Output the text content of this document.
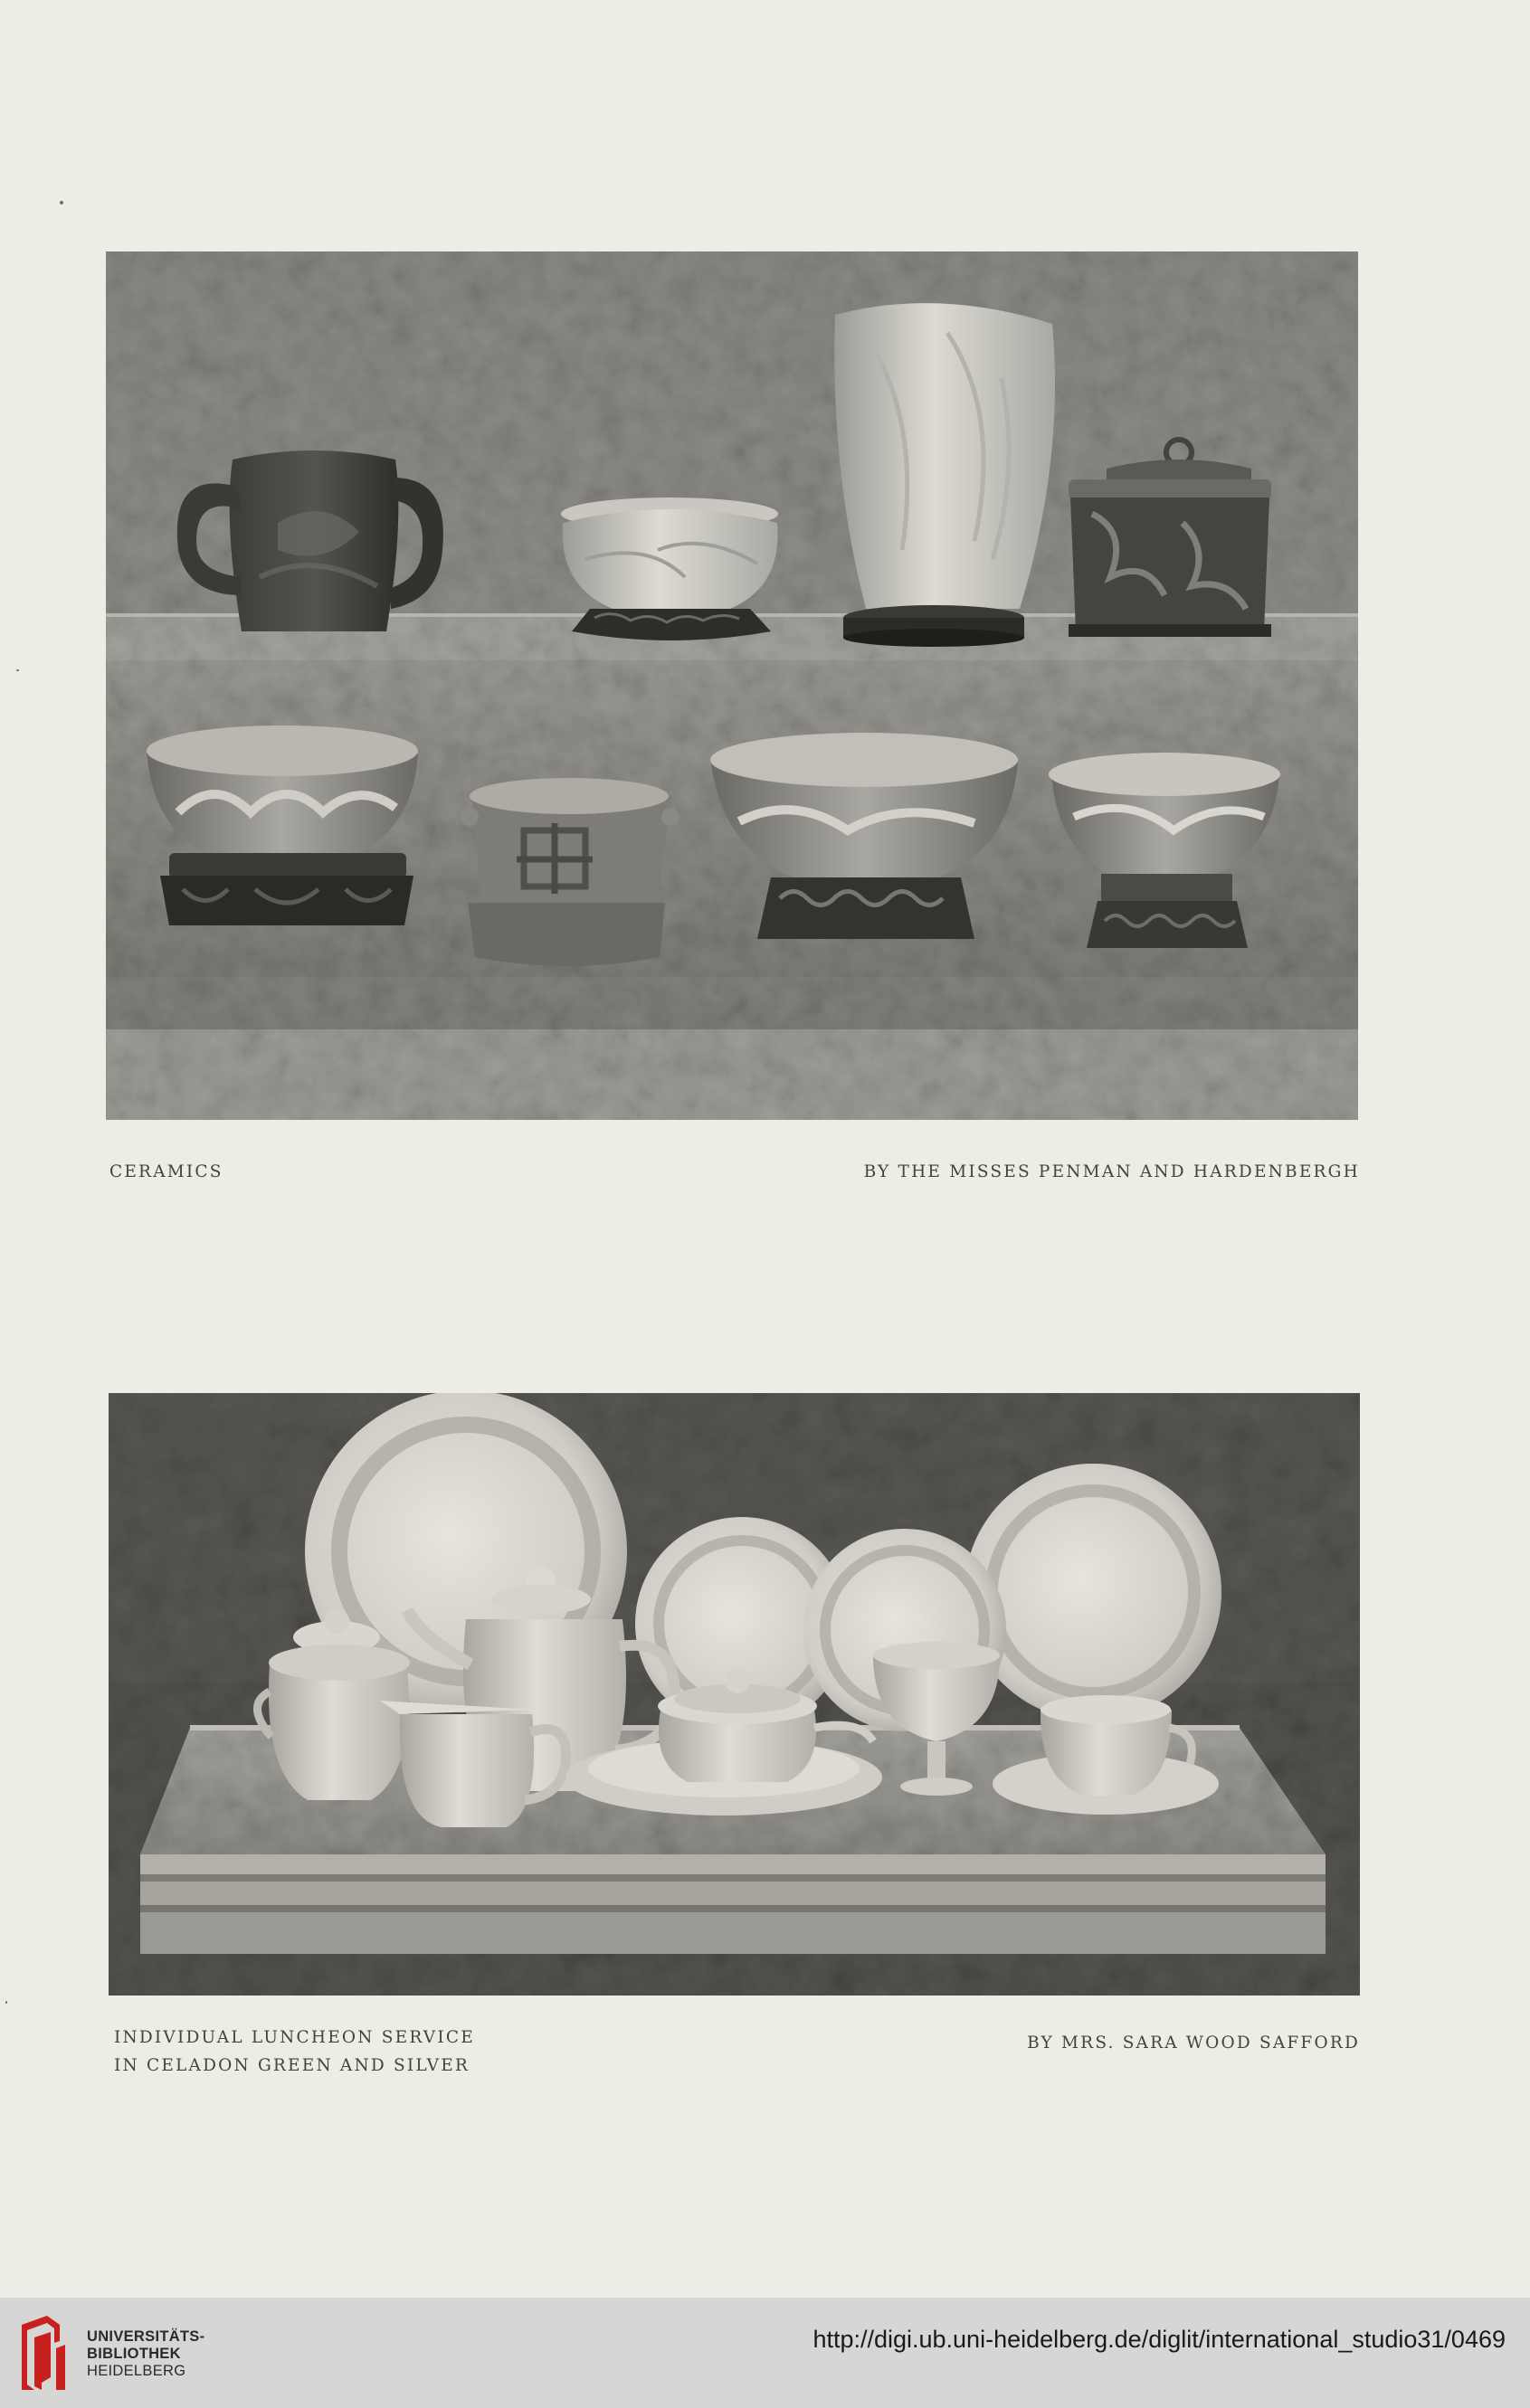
CERAMICS	BY THE MISSES PENMAN AND HARDENBERGH
INDIVIDUAL LUNCHEON SERVICE
IN CELADON GREEN AND SILVER
BY MRS. SARA WOOD SAFFORD
UNIVERSITÄTS-
BIBLIOTHEK
HEIDELBERG
http://digi.ub.uni-heidelberg.de/diglit/international_studio31/0469
